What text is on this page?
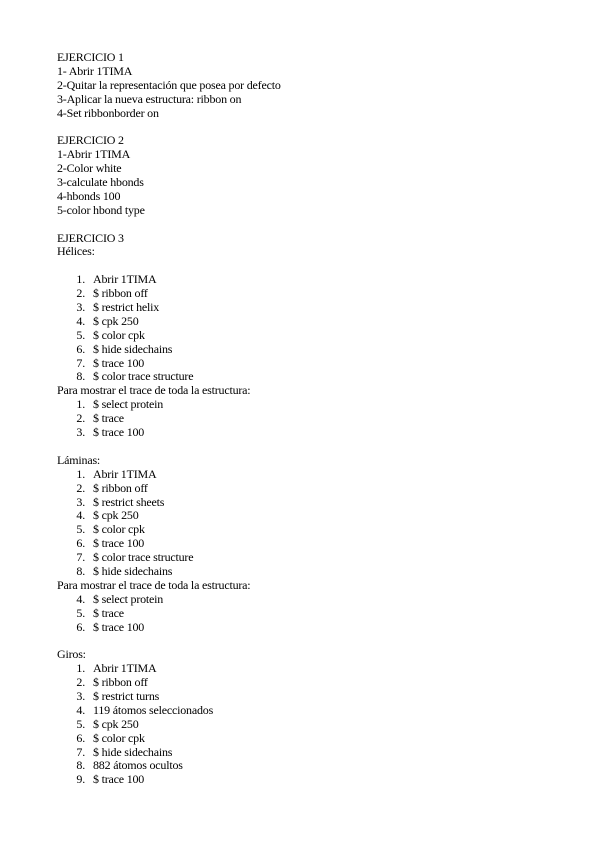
EJERCICIO 1
1- Abrir 1TIMA
2-Quitar la representación que posea por defecto
3-Aplicar la nueva estructura: ribbon on
4-Set ribbonborder on
EJERCICIO 2
1-Abrir 1TIMA
2-Color white
3-calculate hbonds
4-hbonds 100
5-color hbond type
EJERCICIO 3
Hélices:
1. Abrir 1TIMA
2. $ ribbon off
3. $ restrict helix
4. $ cpk 250
5. $ color cpk
6. $ hide sidechains
7. $ trace 100
8. $ color trace structure
Para mostrar el trace de toda la estructura:
1. $ select protein
2. $ trace
3. $ trace 100
Láminas:
1. Abrir 1TIMA
2. $ ribbon off
3. $ restrict sheets
4. $ cpk 250
5. $ color cpk
6. $ trace 100
7. $ color trace structure
8. $ hide sidechains
Para mostrar el trace de toda la estructura:
4. $ select protein
5. $ trace
6. $ trace 100
Giros:
1. Abrir 1TIMA
2. $ ribbon off
3. $ restrict turns
4. 119 átomos seleccionados
5. $ cpk 250
6. $ color cpk
7. $ hide sidechains
8. 882 átomos ocultos
9. $ trace 100
